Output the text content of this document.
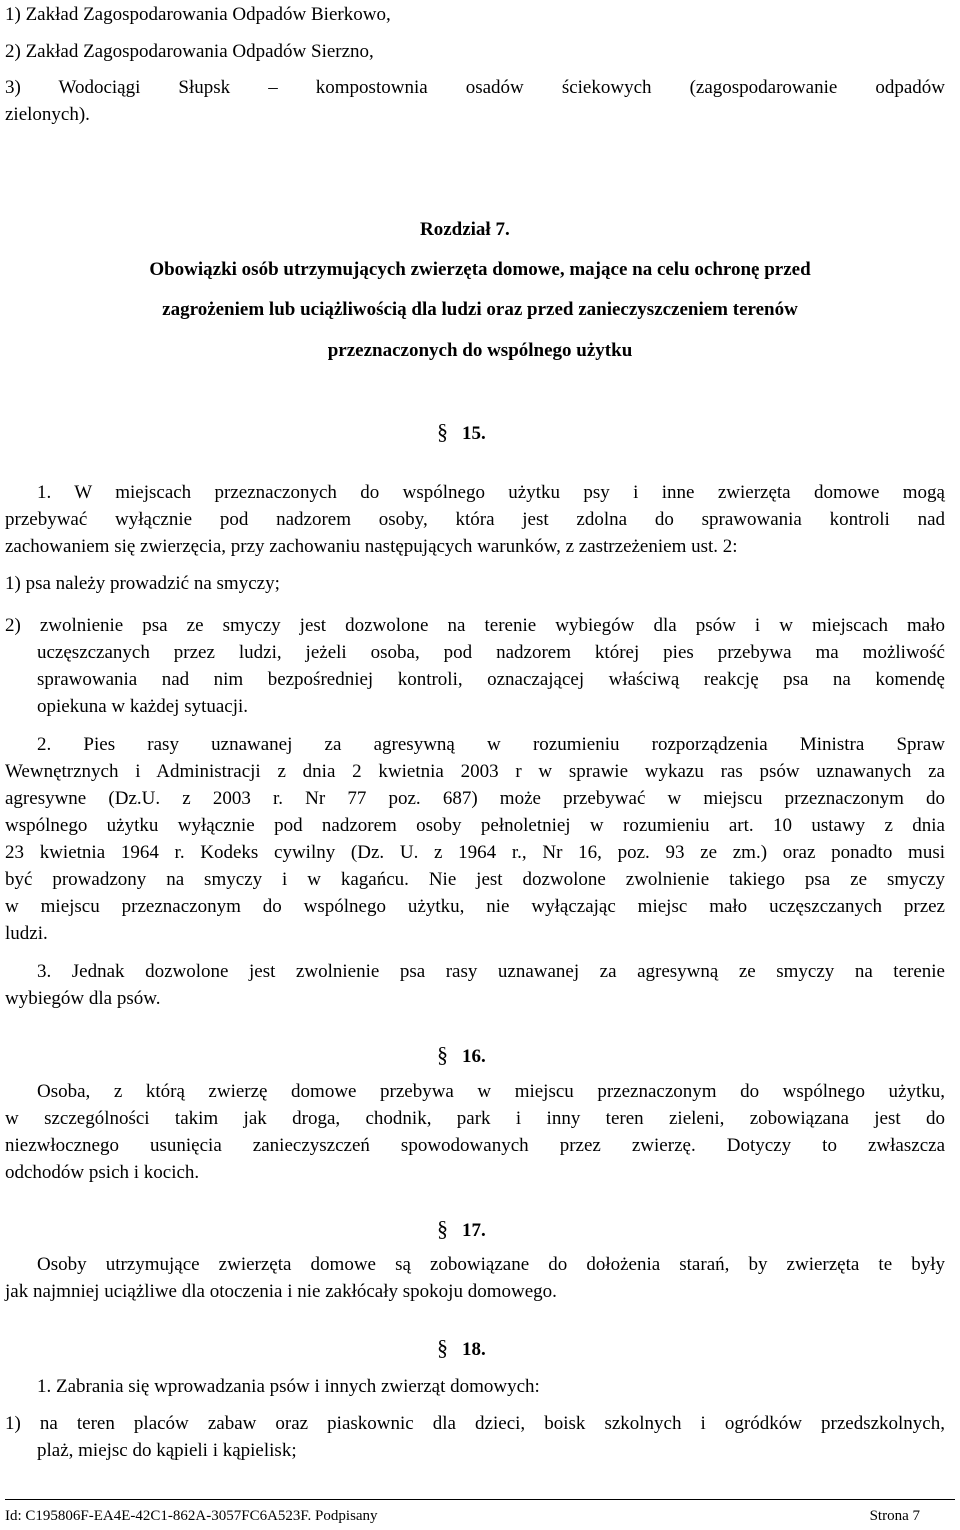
1) Zakład Zagospodarowania Odpadów Bierkowo,
2) Zakład Zagospodarowania Odpadów Sierzno,
3) Wodociągi Słupsk – kompostownia osadów ściekowych (zagospodarowanie odpadów
zielonych).
Rozdział 7.
Obowiązki osób utrzymujących zwierzęta domowe, mające na celu ochronę przed
zagrożeniem lub uciążliwością dla ludzi oraz przed zanieczyszczeniem terenów
przeznaczonych do wspólnego użytku
§ 15.
1. W miejscach przeznaczonych do wspólnego użytku psy i inne zwierzęta domowe mogą
przebywać wyłącznie pod nadzorem osoby, która jest zdolna do sprawowania kontroli nad
zachowaniem się zwierzęcia, przy zachowaniu następujących warunków, z zastrzeżeniem ust. 2:
1) psa należy prowadzić na smyczy;
2) zwolnienie psa ze smyczy jest dozwolone na terenie wybiegów dla psów i w miejscach mało
uczęszczanych przez ludzi, jeżeli osoba, pod nadzorem której pies przebywa ma możliwość
sprawowania nad nim bezpośredniej kontroli, oznaczającej właściwą reakcję psa na komendę
opiekuna w każdej sytuacji.
2. Pies rasy uznawanej za agresywną w rozumieniu rozporządzenia Ministra Spraw
Wewnętrznych i Administracji z dnia 2 kwietnia 2003 r w sprawie wykazu ras psów uznawanych za
agresywne (Dz.U. z 2003 r. Nr 77 poz. 687) może przebywać w miejscu przeznaczonym do
wspólnego użytku wyłącznie pod nadzorem osoby pełnoletniej w rozumieniu art. 10 ustawy z dnia
23 kwietnia 1964 r. Kodeks cywilny (Dz. U. z 1964 r., Nr 16, poz. 93 ze zm.) oraz ponadto musi
być prowadzony na smyczy i w kagańcu. Nie jest dozwolone zwolnienie takiego psa ze smyczy
w miejscu przeznaczonym do wspólnego użytku, nie wyłączając miejsc mało uczęszczanych przez
ludzi.
3. Jednak dozwolone jest zwolnienie psa rasy uznawanej za agresywną ze smyczy na terenie
wybiegów dla psów.
§ 16.
Osoba, z którą zwierzę domowe przebywa w miejscu przeznaczonym do wspólnego użytku,
w szczególności takim jak droga, chodnik, park i inny teren zieleni, zobowiązana jest do
niezwłocznego usunięcia zanieczyszczeń spowodowanych przez zwierzę. Dotyczy to zwłaszcza
odchodów psich i kocich.
§ 17.
Osoby utrzymujące zwierzęta domowe są zobowiązane do dołożenia starań, by zwierzęta te były
jak najmniej uciążliwe dla otoczenia i nie zakłócały spokoju domowego.
§ 18.
1. Zabrania się wprowadzania psów i innych zwierząt domowych:
1) na teren placów zabaw oraz piaskownic dla dzieci, boisk szkolnych i ogródków przedszkolnych,
plaż, miejsc do kąpieli i kąpielisk;
Id: C195806F-EA4E-42C1-862A-3057FC6A523F. Podpisany	Strona 7
